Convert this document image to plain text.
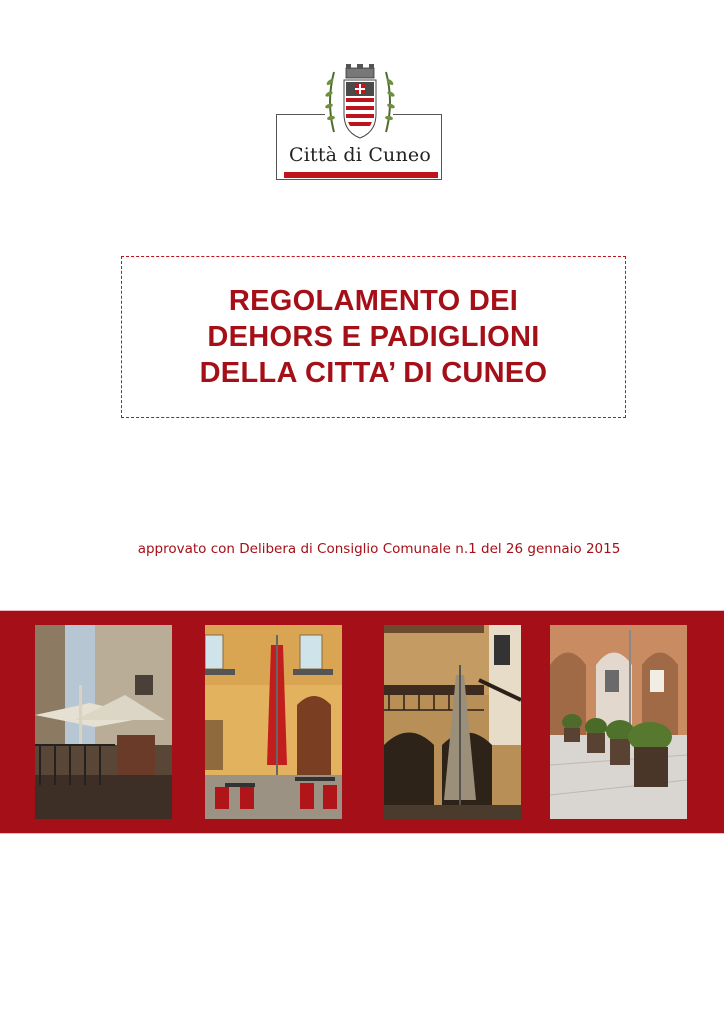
Città di Cuneo
REGOLAMENTO DEI
DEHORS E PADIGLIONI
DELLA CITTA’ DI CUNEO
approvato con Delibera di Consiglio Comunale n.1 del 26 gennaio 2015
